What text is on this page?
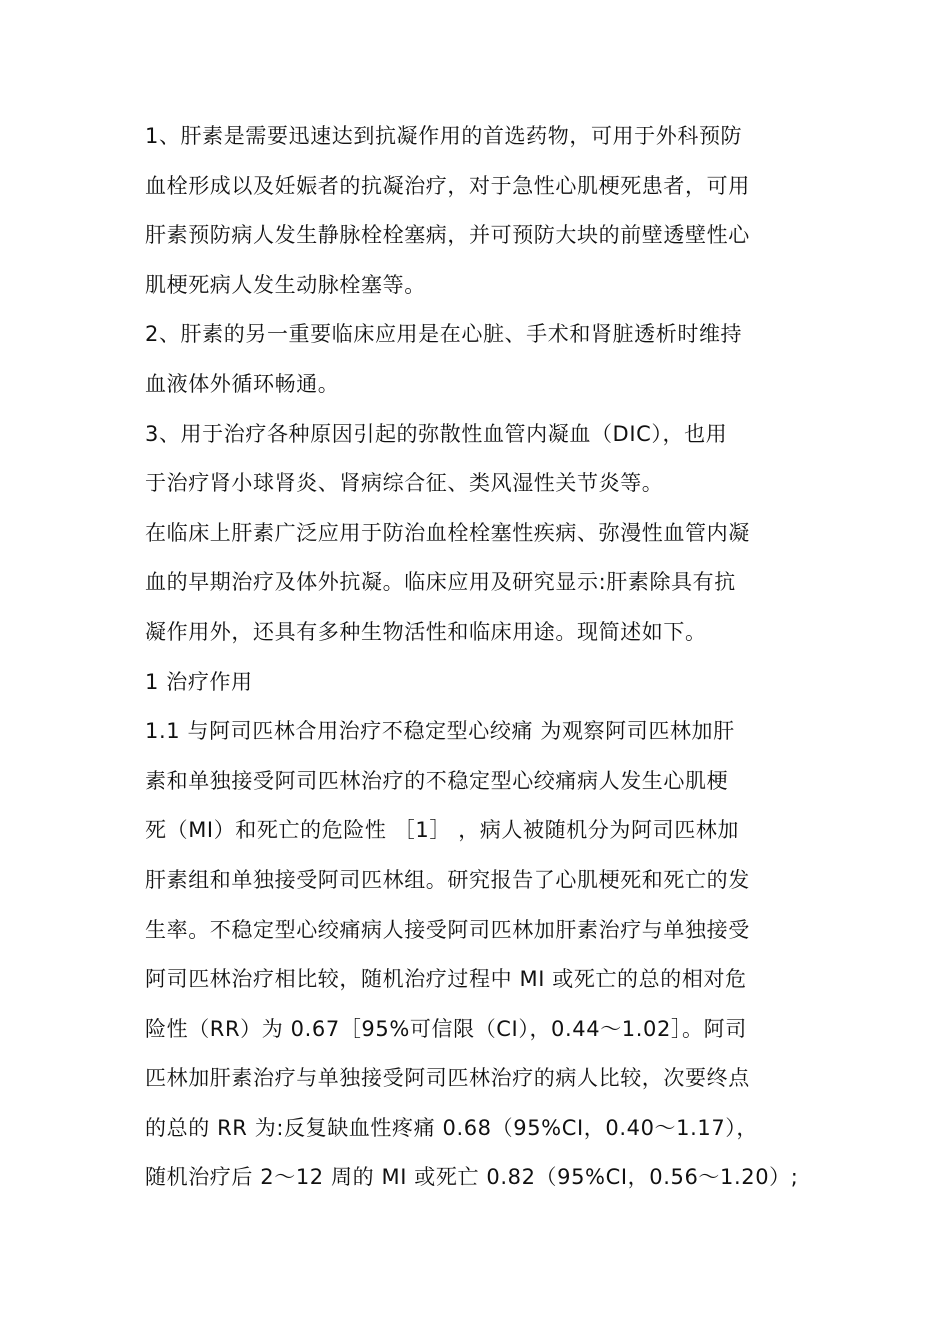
1、肝素是需要迅速达到抗凝作用的首选药物，可用于外科预防
血栓形成以及妊娠者的抗凝治疗，对于急性心肌梗死患者，可用
肝素预防病人发生静脉栓栓塞病，并可预防大块的前壁透壁性心
肌梗死病人发生动脉栓塞等。
2、肝素的另一重要临床应用是在心脏、手术和肾脏透析时维持
血液体外循环畅通。
3、用于治疗各种原因引起的弥散性血管内凝血（DIC），也用
于治疗肾小球肾炎、肾病综合征、类风湿性关节炎等。
在临床上肝素广泛应用于防治血栓栓塞性疾病、弥漫性血管内凝
血的早期治疗及体外抗凝。临床应用及研究显示:肝素除具有抗
凝作用外，还具有多种生物活性和临床用途。现简述如下。
1 治疗作用
1.1 与阿司匹林合用治疗不稳定型心绞痛 为观察阿司匹林加肝
素和单独接受阿司匹林治疗的不稳定型心绞痛病人发生心肌梗
死（MI）和死亡的危险性 ［1］ ，病人被随机分为阿司匹林加
肝素组和单独接受阿司匹林组。研究报告了心肌梗死和死亡的发
生率。不稳定型心绞痛病人接受阿司匹林加肝素治疗与单独接受
阿司匹林治疗相比较，随机治疗过程中 MI 或死亡的总的相对危
险性（RR）为 0.67［95%可信限（CI），0.44～1.02］。阿司
匹林加肝素治疗与单独接受阿司匹林治疗的病人比较，次要终点
的总的 RR 为:反复缺血性疼痛 0.68（95%CI，0.40～1.17），
随机治疗后 2～12 周的 MI 或死亡 0.82（95%CI，0.56～1.20）;
